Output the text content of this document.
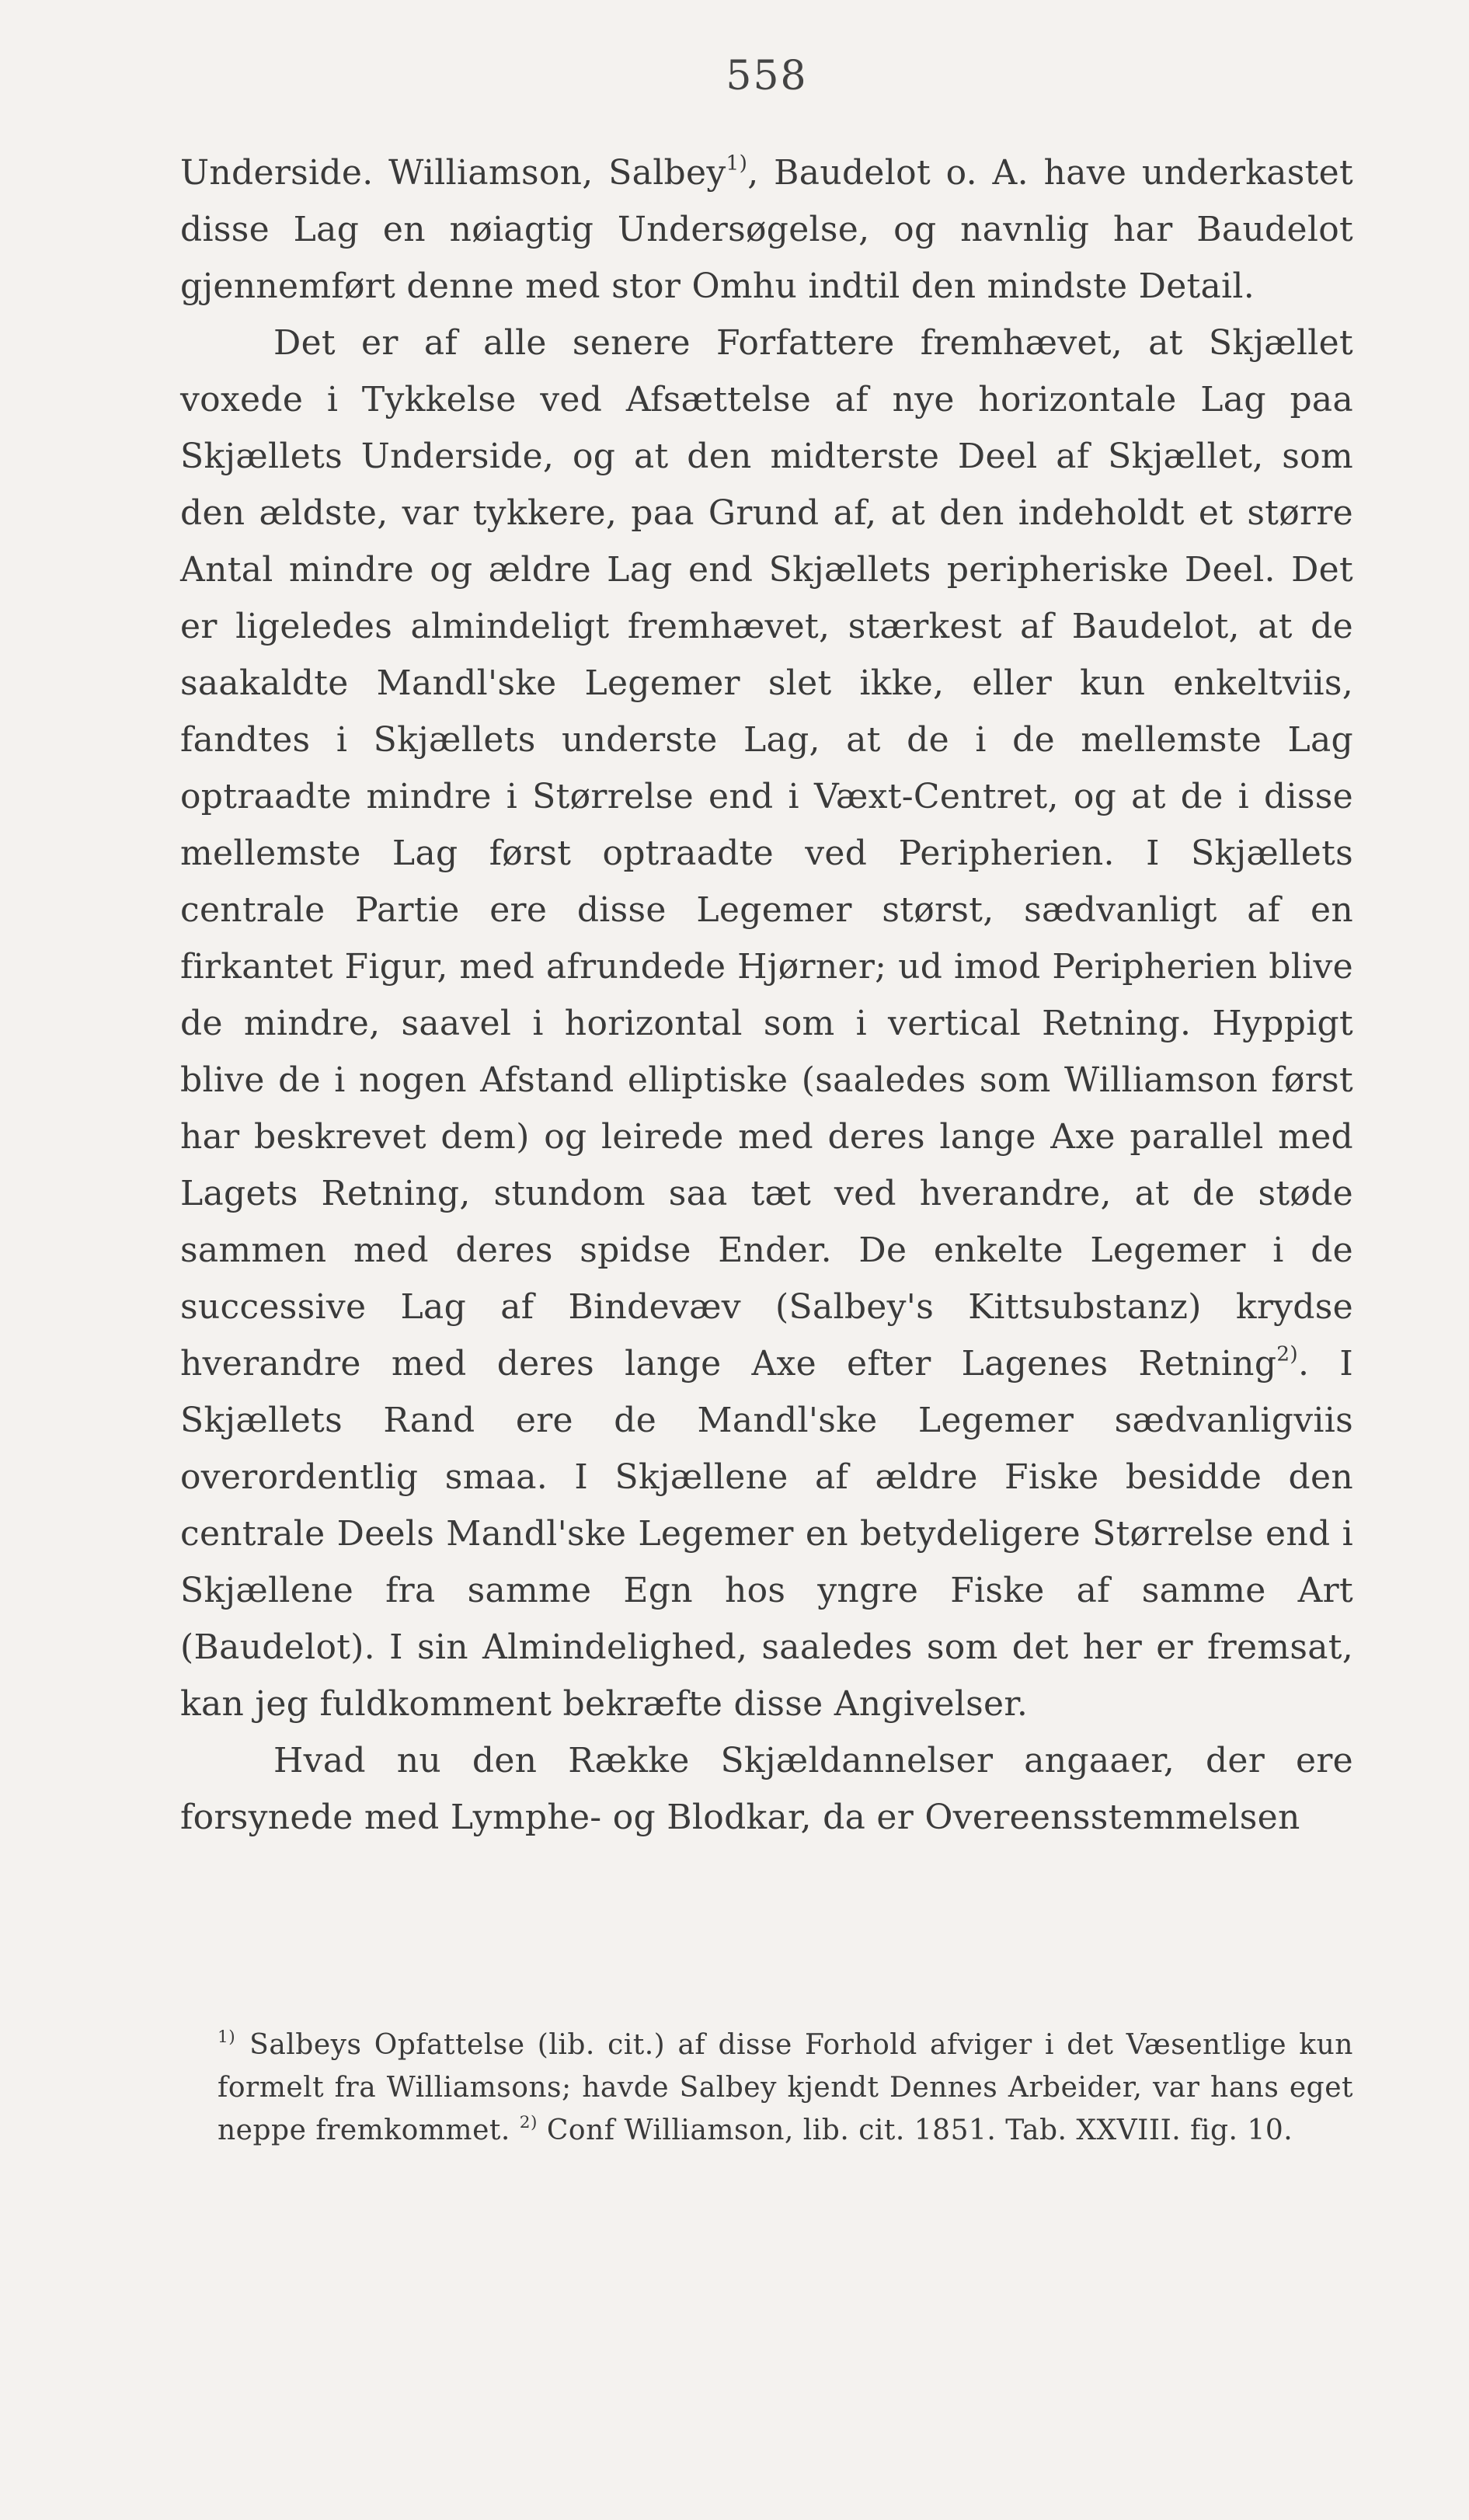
558

Underside. Williamson, Salbey$^{1)}$, Baudelot o. A. have underkastet disse Lag en nøiagtig Undersøgelse, og navnlig har Baudelot gjennemført denne med stor Omhu indtil den mindste Detail.

Det er af alle senere Forfattere fremhævet, at Skjællet voxede i Tykkelse ved Afsættelse af nye horizontale Lag paa Skjællets Underside, og at den midterste Deel af Skjællet, som den ældste, var tykkere, paa Grund af, at den indeholdt et større Antal mindre og ældre Lag end Skjællets peripheriske Deel. Det er ligeledes almindeligt fremhævet, stærkest af Baudelot, at de saakaldte Mandl'ske Legemer slet ikke, eller kun enkeltviis, fandtes i Skjællets underste Lag, at de i de mellemste Lag optraadte mindre i Størrelse end i Væxt-Centret, og at de i disse mellemste Lag først optraadte ved Peripherien. I Skjællets centrale Partie ere disse Legemer størst, sædvanligt af en firkantet Figur, med afrundede Hjørner; ud imod Peripherien blive de mindre, saavel i horizontal som i vertical Retning. Hyppigt blive de i nogen Afstand elliptiske (saaledes som Williamson først har beskrevet dem) og leirede med deres lange Axe parallel med Lagets Retning, stundom saa tæt ved hverandre, at de støde sammen med deres spidse Ender. De enkelte Legemer i de successive Lag af Bindevæv (Salbey's Kittsubstanz) krydse hverandre med deres lange Axe efter Lagenes Retning$^{2)}$. I Skjællets Rand ere de Mandl'ske Legemer sædvanligviis overordentlig smaa. I Skjællene af ældre Fiske besidde den centrale Deels Mandl'ske Legemer en betydeligere Størrelse end i Skjællene fra samme Egn hos yngre Fiske af samme Art (Baudelot). I sin Almindelighed, saaledes som det her er fremsat, kan jeg fuldkomment bekræfte disse Angivelser.

Hvad nu den Række Skjældannelser angaaer, der ere forsynede med Lymphe- og Blodkar, da er Overeensstemmelsen

$^{1)}$ Salbeys Opfattelse (lib. cit.) af disse Forhold afviger i det Væsentlige kun formelt fra Williamsons; havde Salbey kjendt Dennes Arbeider, var hans eget neppe fremkommet. $^{2)}$ Conf Williamson, lib. cit. 1851. Tab. XXVIII. fig. 10.
